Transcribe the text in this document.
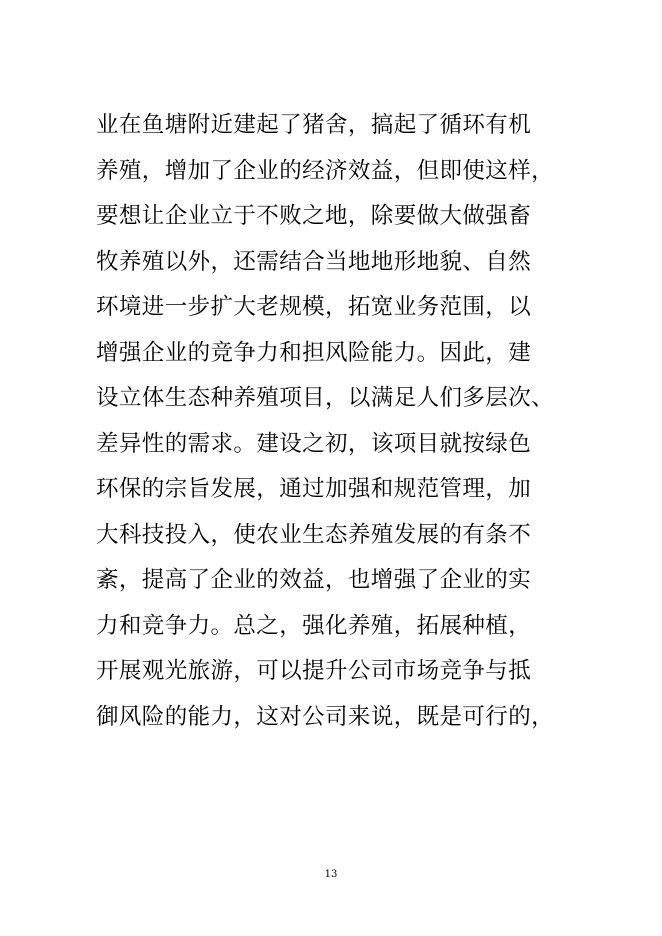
业在鱼塘附近建起了猪舍，搞起了循环有机
养殖，增加了企业的经济效益，但即使这样，
要想让企业立于不败之地，除要做大做强畜
牧养殖以外，还需结合当地地形地貌、自然
环境进一步扩大老规模，拓宽业务范围，以
增强企业的竞争力和担风险能力。因此，建
设立体生态种养殖项目，以满足人们多层次、
差异性的需求。建设之初，该项目就按绿色
环保的宗旨发展，通过加强和规范管理，加
大科技投入，使农业生态养殖发展的有条不
紊，提高了企业的效益，也增强了企业的实
力和竞争力。总之，强化养殖，拓展种植，
开展观光旅游，可以提升公司市场竞争与抵
御风险的能力，这对公司来说，既是可行的，
13
